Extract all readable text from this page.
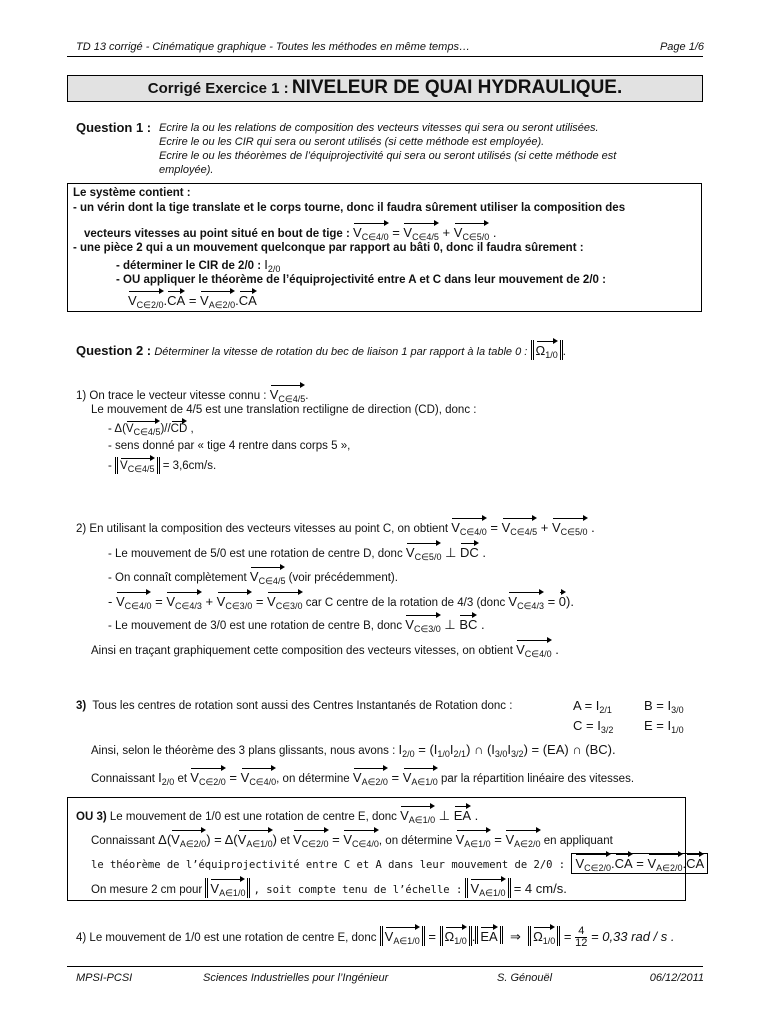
TD 13 corrigé - Cinématique graphique - Toutes les méthodes en même temps…	Page 1/6
Corrigé Exercice 1 : NIVELEUR DE QUAI HYDRAULIQUE.
Question 1 : Ecrire la ou les relations de composition des vecteurs vitesses qui sera ou seront utilisées.
Ecrire le ou les CIR qui sera ou seront utilisés (si cette méthode est employée).
Ecrire le ou les théorèmes de l’équiprojectivité qui sera ou seront utilisés (si cette méthode est
employée).
Le système contient :
- un vérin dont la tige translate et le corps tourne, donc il faudra sûrement utiliser la composition des
vecteurs vitesses au point situé en bout de tige : $V_{C\in 4/0} = V_{C\in 4/5} + V_{C\in 5/0}$ .
- une pièce 2 qui a un mouvement quelconque par rapport au bâti 0, donc il faudra sûrement :
- déterminer le CIR de 2/0 : $I_{2/0}$
- OU appliquer le théorème de l’équiprojectivité entre A et C dans leur mouvement de 2/0 :
$V_{C\in 2/0}.CA = V_{A\in 2/0}.CA$
Question 2 : Déterminer la vitesse de rotation du bec de liaison 1 par rapport à la table 0 : $\Omega_{1/0}$ .
1) On trace le vecteur vitesse connu : $V_{C\in 4/5}$.
Le mouvement de 4/5 est une translation rectiligne de direction (CD), donc :
- $\Delta(V_{C\in 4/5})//CD$ ,
- sens donné par « tige 4 rentre dans corps 5 »,
- $V_{C\in 4/5} = 3,6cm/s$.
2) En utilisant la composition des vecteurs vitesses au point C, on obtient $V_{C\in 4/0} = V_{C\in 4/5} + V_{C\in 5/0}$ .
- Le mouvement de 5/0 est une rotation de centre D, donc $V_{C\in 5/0}$ ⊥ DC .
- On connaît complètement $V_{C\in 4/5}$ (voir précédemment).
- $V_{C\in 4/0} = V_{C\in 4/3} + V_{C\in 3/0} = V_{C\in 3/0}$ car C centre de la rotation de 4/3 (donc $V_{C\in 4/3} = 0$).
- Le mouvement de 3/0 est une rotation de centre B, donc $V_{C\in 3/0}$ ⊥ BC .
Ainsi en traçant graphiquement cette composition des vecteurs vitesses, on obtient $V_{C\in 4/0}$ .
3) Tous les centres de rotation sont aussi des Centres Instantanés de Rotation donc :	$A = I_{2/1}$ $B = I_{3/0}$
$C = I_{3/2}$ $E = I_{1/0}$
Ainsi, selon le théorème des 3 plans glissants, nous avons : $I_{2/0} = (I_{1/0}I_{2/1})$ ∩ $(I_{3/0}I_{3/2}) = (EA)$ ∩ (BC).
Connaissant $I_{2/0}$ et $V_{C\in 2/0} = V_{C\in 4/0}$, on détermine $V_{A\in 2/0} = V_{A\in 1/0}$ par la répartition linéaire des vitesses.
OU 3) Le mouvement de 1/0 est une rotation de centre E, donc $V_{A\in 1/0}$ ⊥ EA .
Connaissant $\Delta(V_{A\in 2/0}) = \Delta(V_{A\in 1/0})$ et $V_{C\in 2/0} = V_{C\in 4/0}$, on détermine $V_{A\in 1/0} = V_{A\in 2/0}$ en appliquant
le théorème de l’équiprojectivité entre C et A dans leur mouvement de 2/0 : $V_{C\in 2/0}.CA = V_{A\in 2/0}.CA$
On mesure 2 cm pour $V_{A\in 1/0}$ , soit compte tenu de l’échelle : $V_{A\in 1/0} = 4$ cm/s.
4) Le mouvement de 1/0 est une rotation de centre E, donc $V_{A\in 1/0} = \Omega_{1/0}$ . EA  ⇒  $\Omega_{1/0} = \frac{4}{12} = 0,33$ rad / s .
MPSI-PCSI	Sciences Industrielles pour l’Ingénieur	S. Génouël	06/12/2011
